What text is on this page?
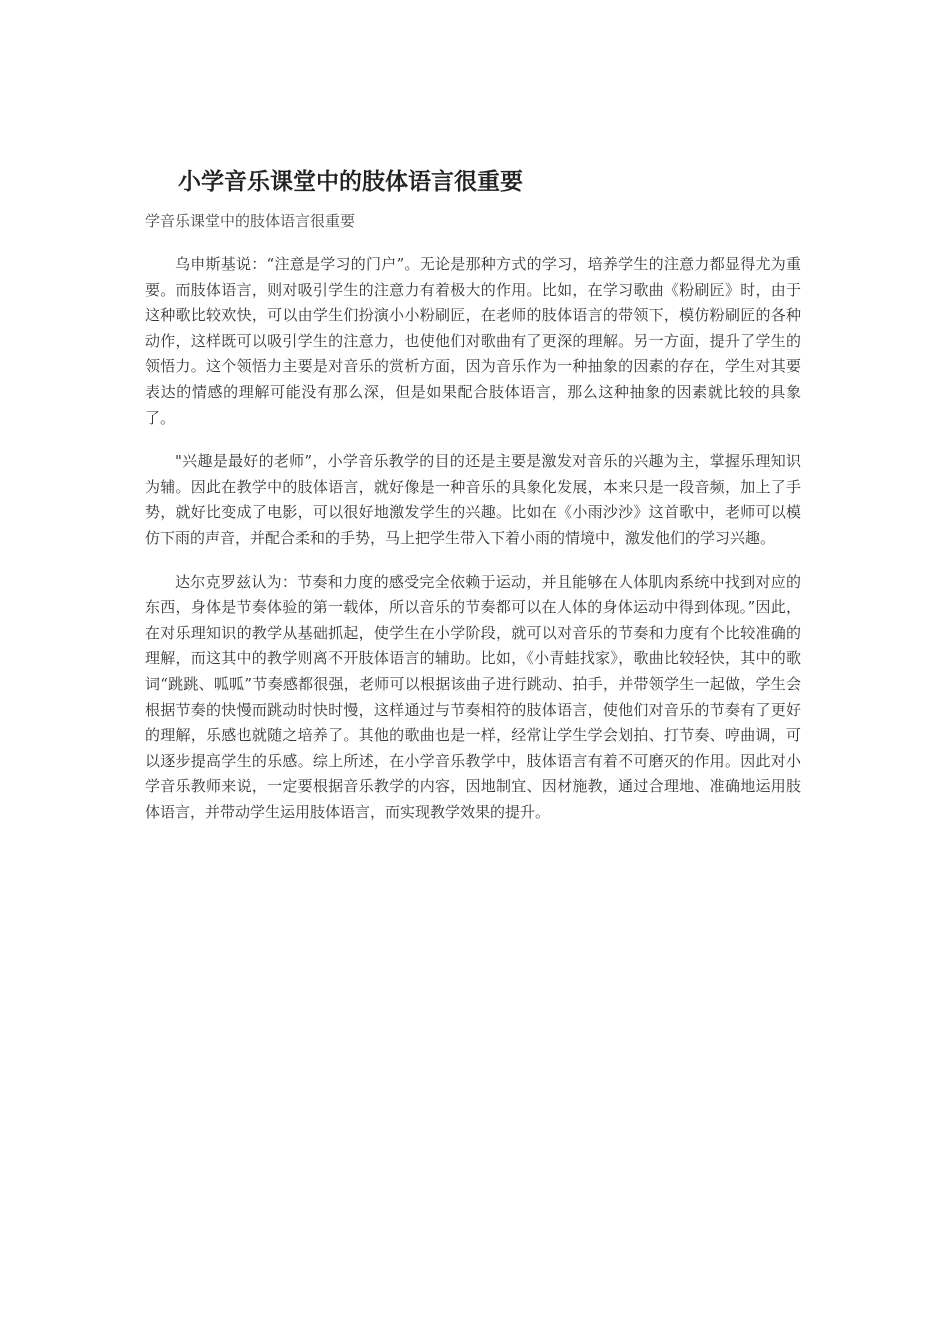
小学音乐课堂中的肢体语言很重要
学音乐课堂中的肢体语言很重要

乌申斯基说：“注意是学习的门户”。无论是那种方式的学习，培养学生的注意力都显得尤为重要。而肢体语言，则对吸引学生的注意力有着极大的作用。比如，在学习歌曲《粉刷匠》时，由于这种歌比较欢快，可以由学生们扮演小小粉刷匠，在老师的肢体语言的带领下，模仿粉刷匠的各种动作，这样既可以吸引学生的注意力，也使他们对歌曲有了更深的理解。另一方面，提升了学生的领悟力。这个领悟力主要是对音乐的赏析方面，因为音乐作为一种抽象的因素的存在，学生对其要表达的情感的理解可能没有那么深，但是如果配合肢体语言，那么这种抽象的因素就比较的具象了。

"兴趣是最好的老师”，小学音乐教学的目的还是主要是激发对音乐的兴趣为主，掌握乐理知识为辅。因此在教学中的肢体语言，就好像是一种音乐的具象化发展，本来只是一段音频，加上了手势，就好比变成了电影，可以很好地激发学生的兴趣。比如在《小雨沙沙》这首歌中，老师可以模仿下雨的声音，并配合柔和的手势，马上把学生带入下着小雨的情境中，激发他们的学习兴趣。

达尔克罗兹认为：节奏和力度的感受完全依赖于运动，并且能够在人体肌肉系统中找到对应的东西，身体是节奏体验的第一载体，所以音乐的节奏都可以在人体的身体运动中得到体现。”因此，在对乐理知识的教学从基础抓起，使学生在小学阶段，就可以对音乐的节奏和力度有个比较准确的理解，而这其中的教学则离不开肢体语言的辅助。比如，《小青蛙找家》，歌曲比较轻快，其中的歌词“跳跳、呱呱”节奏感都很强，老师可以根据该曲子进行跳动、拍手，并带领学生一起做，学生会根据节奏的快慢而跳动时快时慢，这样通过与节奏相符的肢体语言，使他们对音乐的节奏有了更好的理解，乐感也就随之培养了。其他的歌曲也是一样，经常让学生学会划拍、打节奏、哼曲调，可以逐步提高学生的乐感。综上所述，在小学音乐教学中，肢体语言有着不可磨灭的作用。因此对小学音乐教师来说，一定要根据音乐教学的内容，因地制宜、因材施教，通过合理地、准确地运用肢体语言，并带动学生运用肢体语言，而实现教学效果的提升。
